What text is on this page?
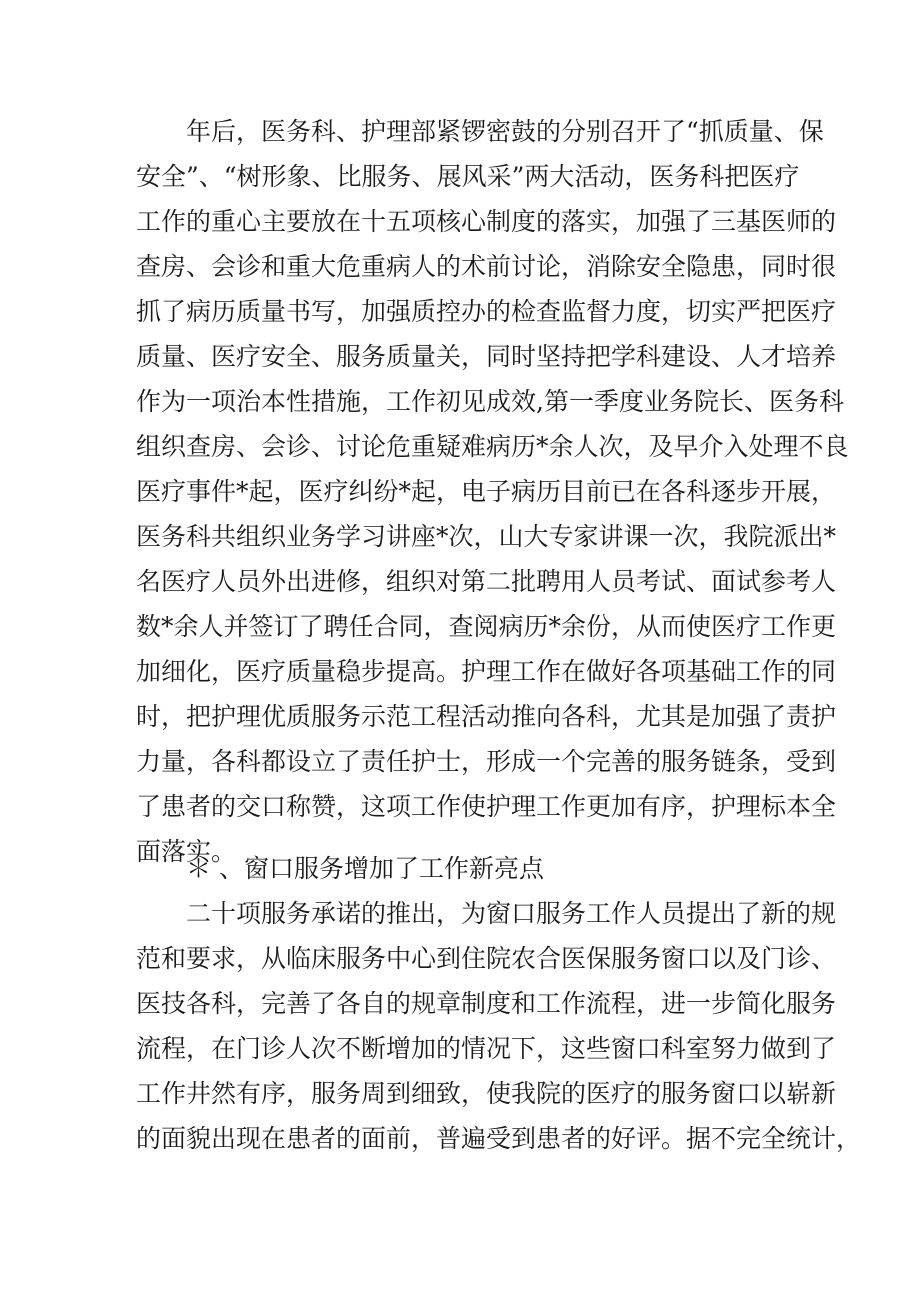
年后，医务科、护理部紧锣密鼓的分别召开了“抓质量、保
安全”、“树形象、比服务、展风采”两大活动，医务科把医疗
工作的重心主要放在十五项核心制度的落实，加强了三基医师的
查房、会诊和重大危重病人的术前讨论，消除安全隐患，同时很
抓了病历质量书写，加强质控办的检查监督力度，切实严把医疗
质量、医疗安全、服务质量关，同时坚持把学科建设、人才培养
作为一项治本性措施，工作初见成效,第一季度业务院长、医务科
组织查房、会诊、讨论危重疑难病历*余人次，及早介入处理不良
医疗事件*起，医疗纠纷*起，电子病历目前已在各科逐步开展，
医务科共组织业务学习讲座*次，山大专家讲课一次，我院派出*
名医疗人员外出进修，组织对第二批聘用人员考试、面试参考人
数*余人并签订了聘任合同，查阅病历*余份，从而使医疗工作更
加细化，医疗质量稳步提高。护理工作在做好各项基础工作的同
时，把护理优质服务示范工程活动推向各科，尤其是加强了责护
力量，各科都设立了责任护士，形成一个完善的服务链条，受到
了患者的交口称赞，这项工作使护理工作更加有序，护理标本全
面落实。
＊ 、窗口服务增加了工作新亮点
二十项服务承诺的推出，为窗口服务工作人员提出了新的规
范和要求，从临床服务中心到住院农合医保服务窗口以及门诊、
医技各科，完善了各自的规章制度和工作流程，进一步简化服务
流程，在门诊人次不断增加的情况下，这些窗口科室努力做到了
工作井然有序，服务周到细致，使我院的医疗的服务窗口以崭新
的面貌出现在患者的面前，普遍受到患者的好评。据不完全统计，
